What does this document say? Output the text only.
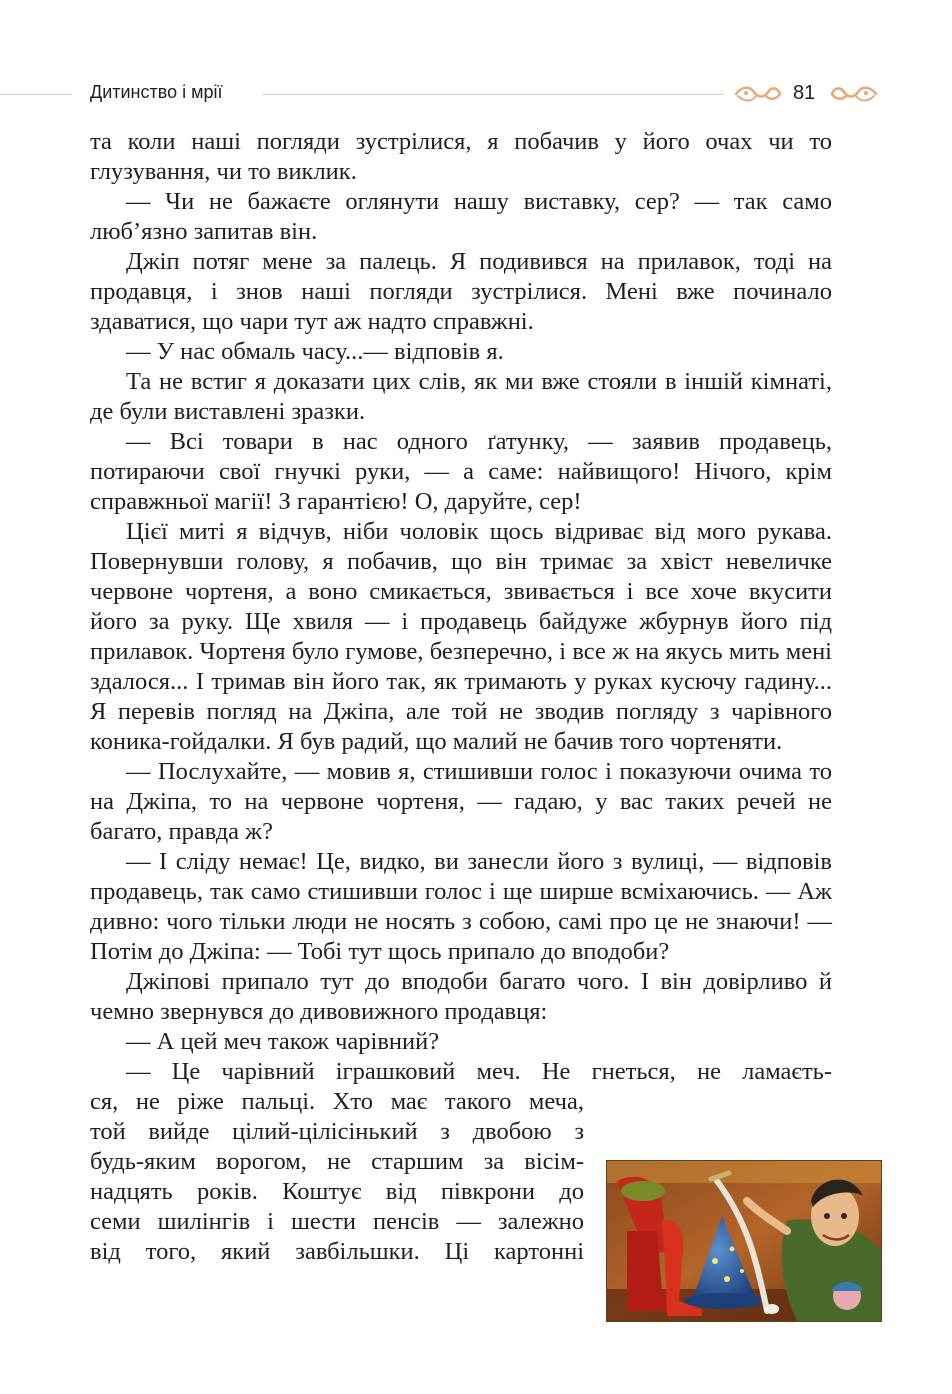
Дитинство і мрії	81

та коли наші погляди зустрілися, я побачив у його очах чи то глузування, чи то виклик.

— Чи не бажаєте оглянути нашу виставку, сер? — так само люб’язно запитав він.

Джіп потяг мене за палець. Я подивився на прилавок, тоді на продавця, і знов наші погляди зустрілися. Мені вже починало здаватися, що чари тут аж надто справжні.

— У нас обмаль часу...— відповів я.

Та не встиг я доказати цих слів, як ми вже стояли в іншій кімнаті, де були виставлені зразки.

— Всі товари в нас одного ґатунку, — заявив продавець, потираючи свої гнучкі руки, — а саме: найвищого! Нічого, крім справжньої магії! З гарантією! О, даруйте, сер!

Цієї миті я відчув, ніби чоловік щось відриває від мого рукава. Повернувши голову, я побачив, що він тримає за хвіст невеличке червоне чортеня, а воно смикається, звивається і все хоче вкусити його за руку. Ще хвиля — і продавець байдуже жбурнув його під прилавок. Чортеня було гумове, безперечно, і все ж на якусь мить мені здалося... І тримав він його так, як тримають у руках кусючу гадину... Я перевів погляд на Джіпа, але той не зводив погляду з чарівного коника-гойдалки. Я був радий, що малий не бачив того чортеняти.

— Послухайте, — мовив я, стишивши голос і показуючи очима то на Джіпа, то на червоне чортеня, — гадаю, у вас таких речей не багато, правда ж?

— І сліду немає! Це, видко, ви занесли його з вулиці, — відповів продавець, так само стишивши голос і ще ширше всміхаючись. — Аж дивно: чого тільки люди не носять з собою, самі про це не знаючи! — Потім до Джіпа: — Тобі тут щось припало до вподоби?

Джіпові припало тут до вподоби багато чого. І він довірливо й чемно звернувся до дивовижного продавця:

— А цей меч також чарівний?

— Це чарівний іграшковий меч. Не гнеться, не ламаєть-

ся, не ріже пальці. Хто має такого меча,
той вийде цілий-цілісінький з двобою з
будь-яким ворогом, не старшим за вісім-
надцять років. Коштує від півкрони до
семи шилінгів і шести пенсів — залежно
від того, який завбільшки. Ці картонні
